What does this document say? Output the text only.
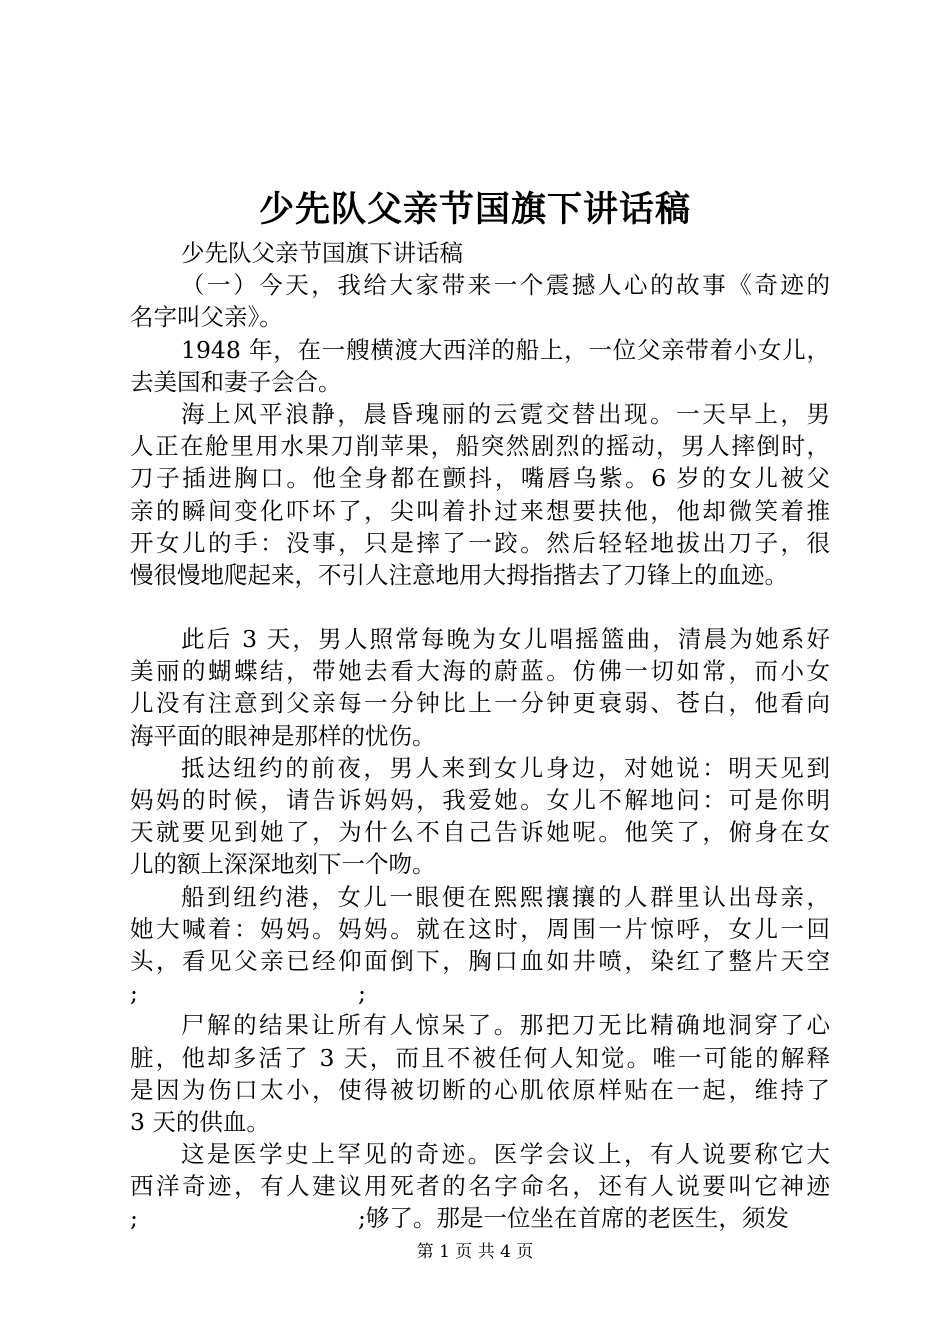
少先队父亲节国旗下讲话稿
少先队父亲节国旗下讲话稿
（一）今天，我给大家带来一个震撼人心的故事《奇迹的
名字叫父亲》。
1948 年，在一艘横渡大西洋的船上，一位父亲带着小女儿，
去美国和妻子会合。
海上风平浪静，晨昏瑰丽的云霓交替出现。一天早上，男
人正在舱里用水果刀削苹果，船突然剧烈的摇动，男人摔倒时，
刀子插进胸口。他全身都在颤抖，嘴唇乌紫。6 岁的女儿被父
亲的瞬间变化吓坏了，尖叫着扑过来想要扶他，他却微笑着推
开女儿的手：没事，只是摔了一跤。然后轻轻地拔出刀子，很
慢很慢地爬起来，不引人注意地用大拇指揩去了刀锋上的血迹。
此后 3 天，男人照常每晚为女儿唱摇篮曲，清晨为她系好
美丽的蝴蝶结，带她去看大海的蔚蓝。仿佛一切如常，而小女
儿没有注意到父亲每一分钟比上一分钟更衰弱、苍白，他看向
海平面的眼神是那样的忧伤。
抵达纽约的前夜，男人来到女儿身边，对她说：明天见到
妈妈的时候，请告诉妈妈，我爱她。女儿不解地问：可是你明
天就要见到她了，为什么不自己告诉她呢。他笑了，俯身在女
儿的额上深深地刻下一个吻。
船到纽约港，女儿一眼便在熙熙攘攘的人群里认出母亲，
她大喊着：妈妈。妈妈。就在这时，周围一片惊呼，女儿一回
头，看见父亲已经仰面倒下，胸口血如井喷，染红了整片天空
;	;
尸解的结果让所有人惊呆了。那把刀无比精确地洞穿了心
脏，他却多活了 3 天，而且不被任何人知觉。唯一可能的解释
是因为伤口太小，使得被切断的心肌依原样贴在一起，维持了
3 天的供血。
这是医学史上罕见的奇迹。医学会议上，有人说要称它大
西洋奇迹，有人建议用死者的名字命名，还有人说要叫它神迹
;	;够了。那是一位坐在首席的老医生，须发
第 1 页 共 4 页
